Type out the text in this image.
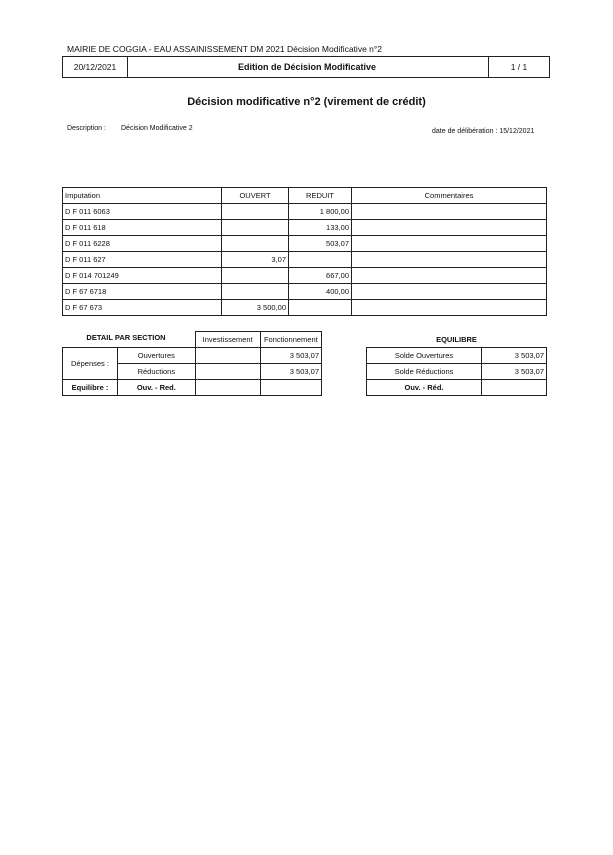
MAIRIE DE COGGIA - EAU ASSAINISSEMENT DM 2021 Décision Modificative n°2
20/12/2021	Edition de Décision Modificative	1 / 1
Décision modificative n°2 (virement de crédit)
Description : Décision Modificative 2	date de délibération : 15/12/2021
Imputation	OUVERT	REDUIT	Commentaires
D F 011 6063		1 800,00	
D F 011 618		133,00	
D F 011 6228		503,07	
D F 011 627	3,07		
D F 014 701249		667,00	
D F 67 6718		400,00	
D F 67 673	3 500,00		
DETAIL PAR SECTION
		Investissement	Fonctionnement
Dépenses :	Ouvertures		3 503,07
	Réductions		3 503,07
Equilibre :	Ouv. - Red.		
EQUILIBRE
Solde Ouvertures	3 503,07
Solde Réductions	3 503,07
Ouv. - Réd.	
